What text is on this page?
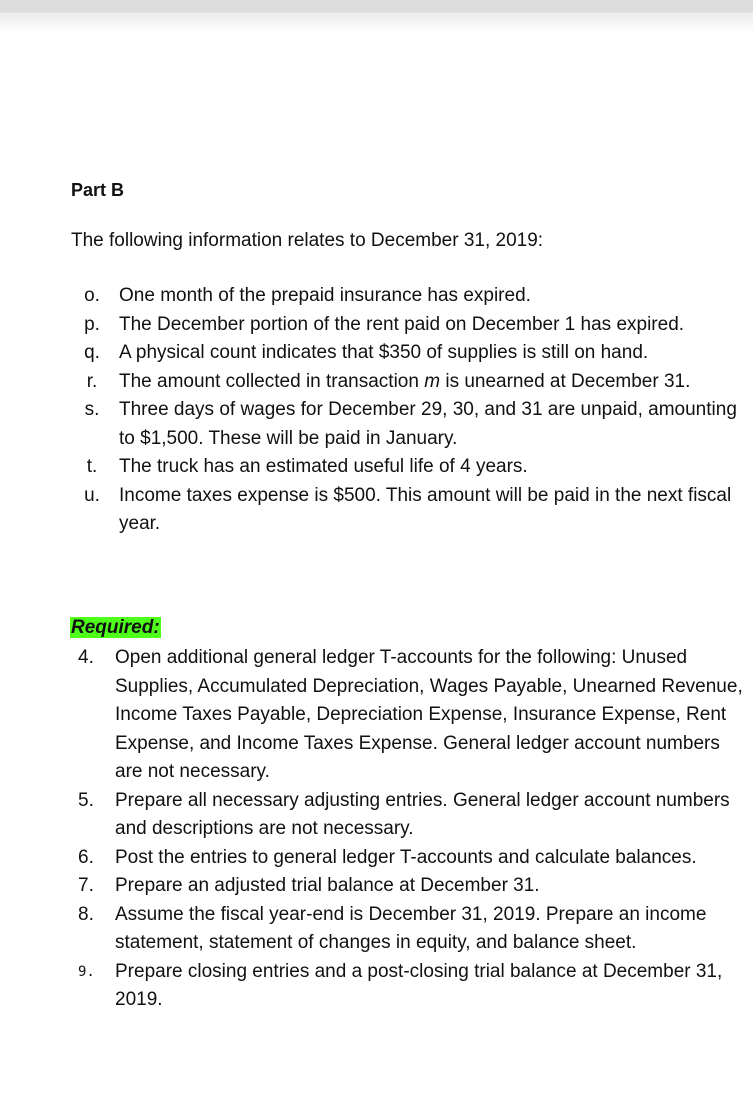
Part B
The following information relates to December 31, 2019:
o.	One month of the prepaid insurance has expired.
p.	The December portion of the rent paid on December 1 has expired.
q.	A physical count indicates that $350 of supplies is still on hand.
r.	The amount collected in transaction m is unearned at December 31.
s.	Three days of wages for December 29, 30, and 31 are unpaid, amounting to $1,500. These will be paid in January.
t.	The truck has an estimated useful life of 4 years.
u.	Income taxes expense is $500. This amount will be paid in the next fiscal year.
Required:
4. Open additional general ledger T-accounts for the following: Unused Supplies, Accumulated Depreciation, Wages Payable, Unearned Revenue, Income Taxes Payable, Depreciation Expense, Insurance Expense, Rent Expense, and Income Taxes Expense. General ledger account numbers are not necessary.
5. Prepare all necessary adjusting entries. General ledger account numbers and descriptions are not necessary.
6. Post the entries to general ledger T-accounts and calculate balances.
7. Prepare an adjusted trial balance at December 31.
8. Assume the fiscal year-end is December 31, 2019. Prepare an income statement, statement of changes in equity, and balance sheet.
9. Prepare closing entries and a post-closing trial balance at December 31, 2019.
